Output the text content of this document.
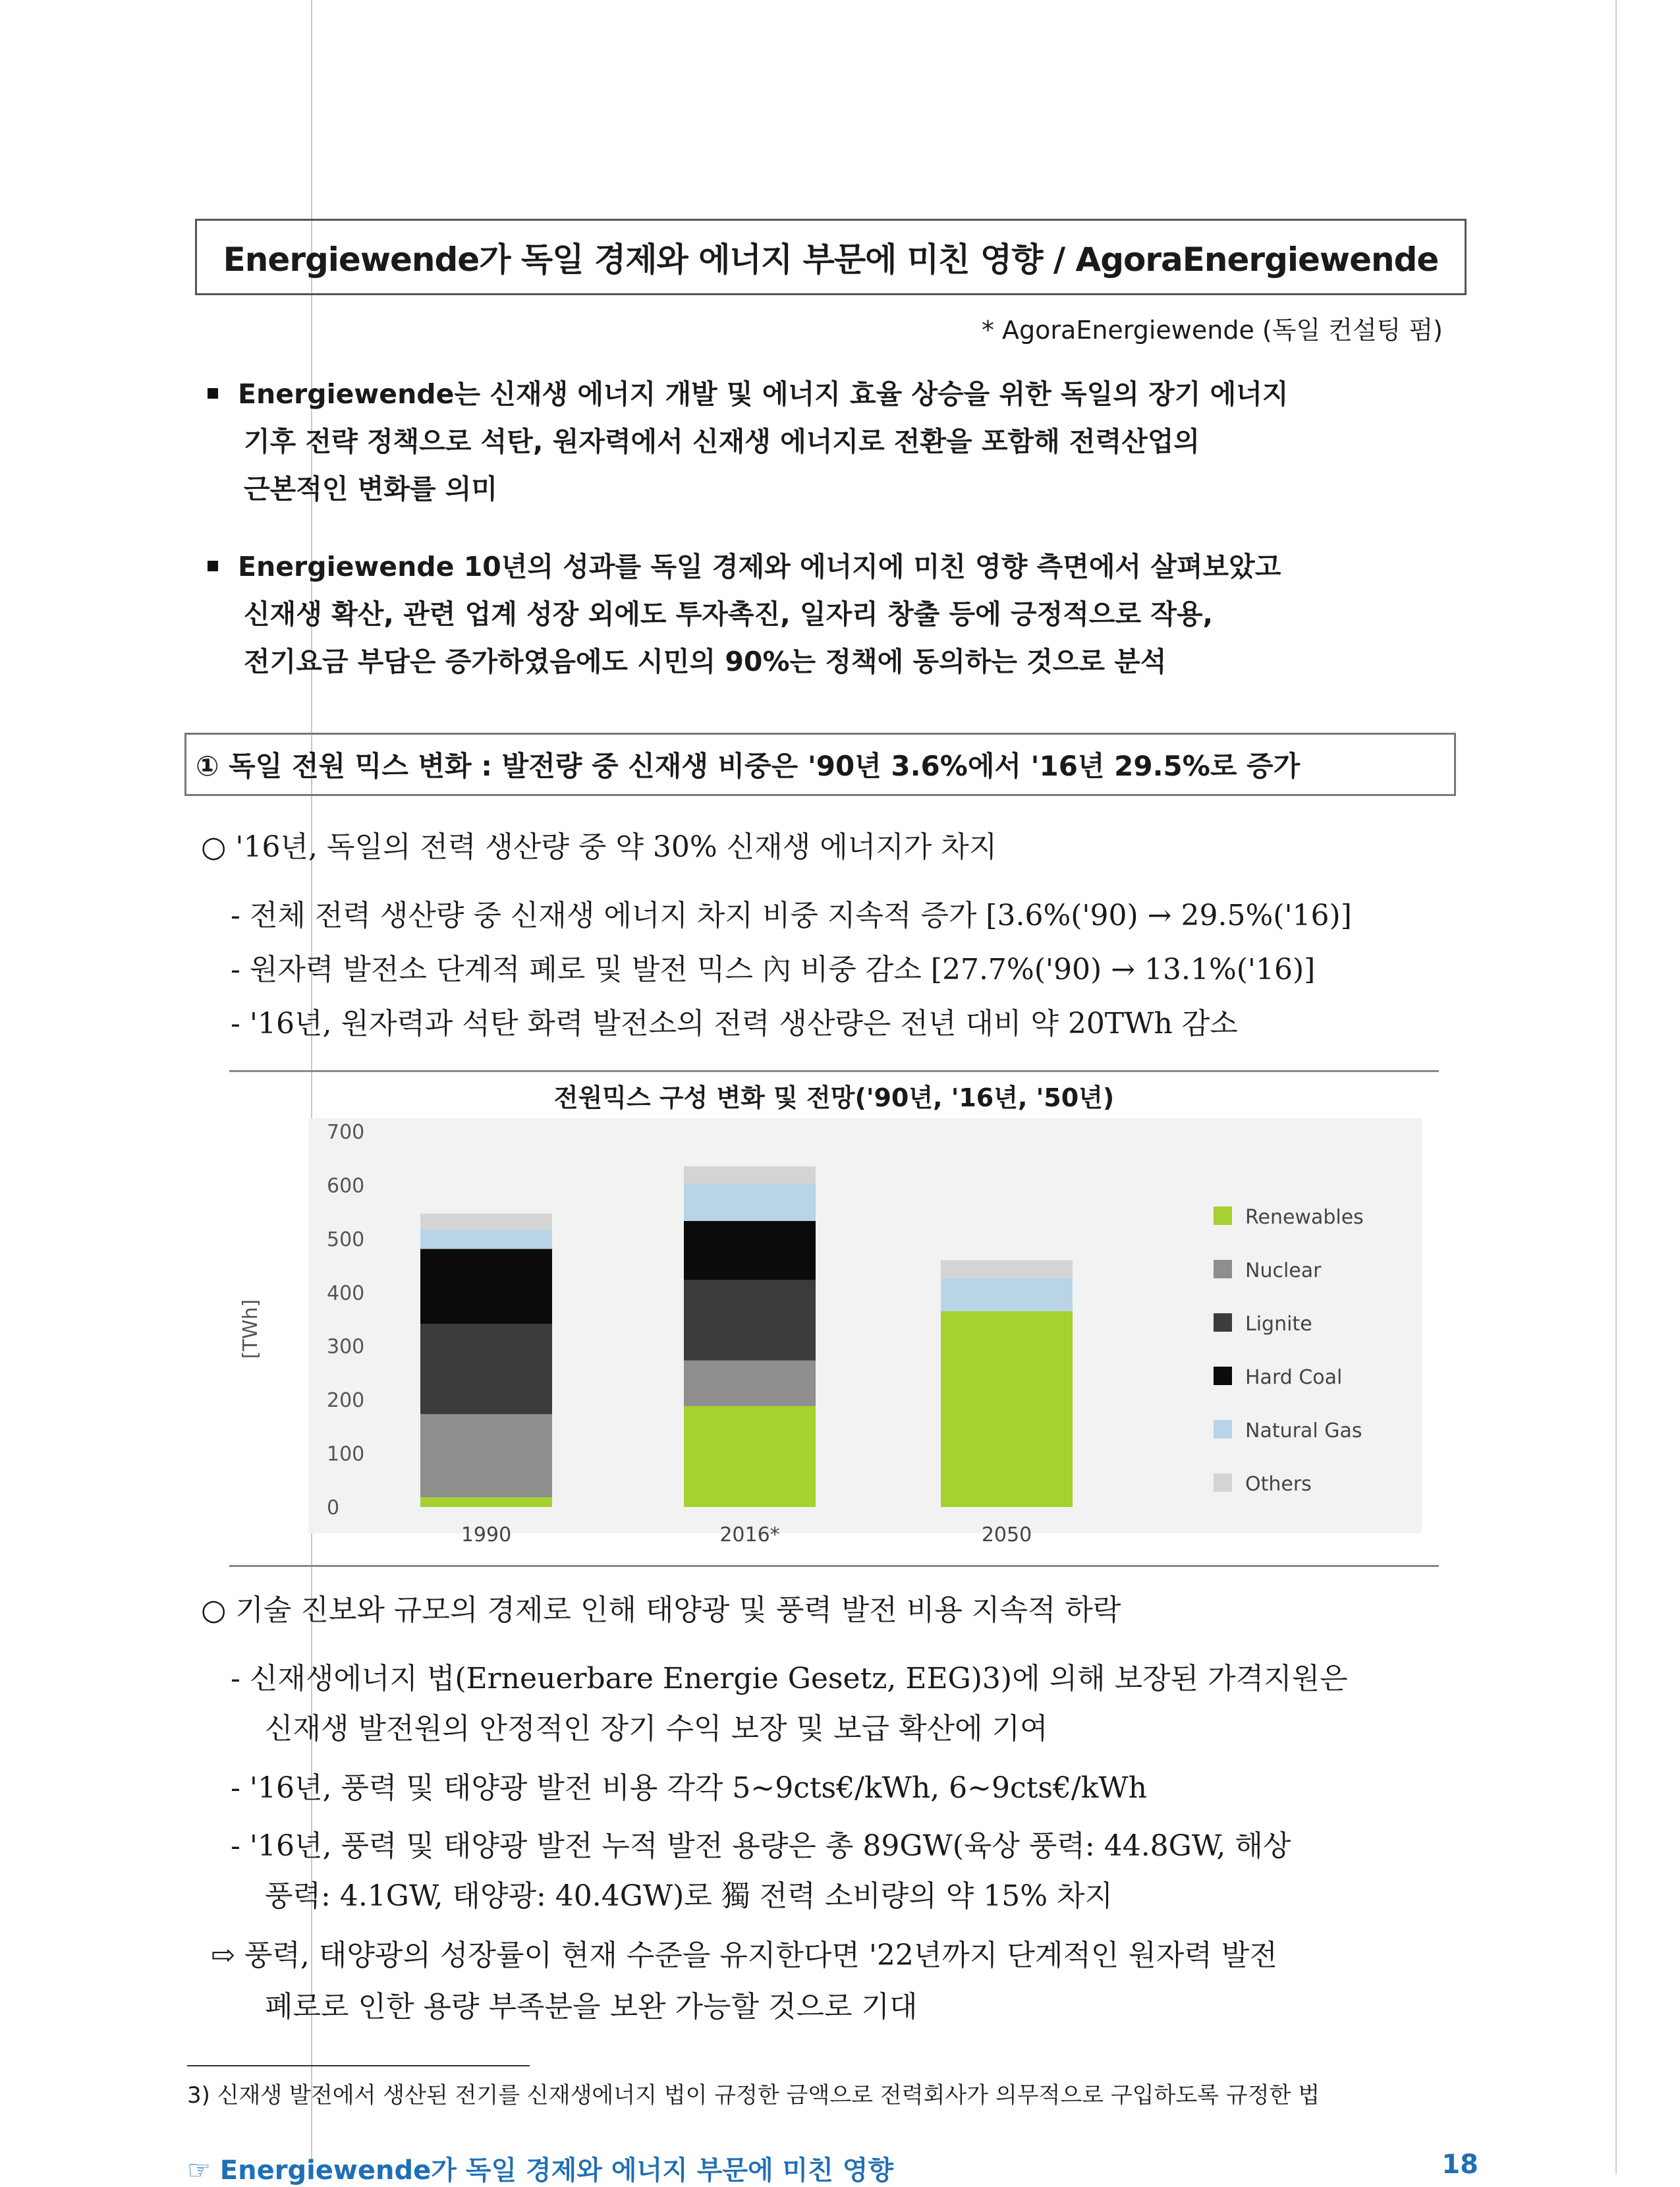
Energiewende가 독일 경제와 에너지 부문에 미친 영향 / AgoraEnergiewende
* AgoraEnergiewende (독일 컨설팅 펌)
Energiewende는 신재생 에너지 개발 및 에너지 효율 상승을 위한 독일의 장기 에너지
기후 전략 정책으로 석탄, 원자력에서 신재생 에너지로 전환을 포함해 전력산업의
근본적인 변화를 의미
Energiewende 10년의 성과를 독일 경제와 에너지에 미친 영향 측면에서 살펴보았고
신재생 확산, 관련 업계 성장 외에도 투자촉진, 일자리 창출 등에 긍정적으로 작용,
전기요금 부담은 증가하였음에도 시민의 90%는 정책에 동의하는 것으로 분석
① 독일 전원 믹스 변화 : 발전량 중 신재생 비중은 '90년 3.6%에서 '16년 29.5%로 증가
○ '16년, 독일의 전력 생산량 중 약 30% 신재생 에너지가 차지
- 전체 전력 생산량 중 신재생 에너지 차지 비중 지속적 증가 [3.6%('90) → 29.5%('16)]
- 원자력 발전소 단계적 폐로 및 발전 믹스 內 비중 감소 [27.7%('90) → 13.1%('16)]
- '16년, 원자력과 석탄 화력 발전소의 전력 생산량은 전년 대비 약 20TWh 감소
전원믹스 구성 변화 및 전망('90년, '16년, '50년)
0
100
200
300
400
500
600
700
1990	2016*	2050
Renewables
Nuclear
Lignite
Hard Coal
Natural Gas
Others
[TWh]
○ 기술 진보와 규모의 경제로 인해 태양광 및 풍력 발전 비용 지속적 하락
- 신재생에너지 법(Erneuerbare Energie Gesetz, EEG)3)에 의해 보장된 가격지원은
신재생 발전원의 안정적인 장기 수익 보장 및 보급 확산에 기여
- '16년, 풍력 및 태양광 발전 비용 각각 5~9cts€/kWh, 6~9cts€/kWh
- '16년, 풍력 및 태양광 발전 누적 발전 용량은 총 89GW(육상 풍력: 44.8GW, 해상
풍력: 4.1GW, 태양광: 40.4GW)로 獨 전력 소비량의 약 15% 차지
⇨ 풍력, 태양광의 성장률이 현재 수준을 유지한다면 '22년까지 단계적인 원자력 발전
폐로로 인한 용량 부족분을 보완 가능할 것으로 기대
3) 신재생 발전에서 생산된 전기를 신재생에너지 법이 규정한 금액으로 전력회사가 의무적으로 구입하도록 규정한 법
☞ Energiewende가 독일 경제와 에너지 부문에 미친 영향	18
